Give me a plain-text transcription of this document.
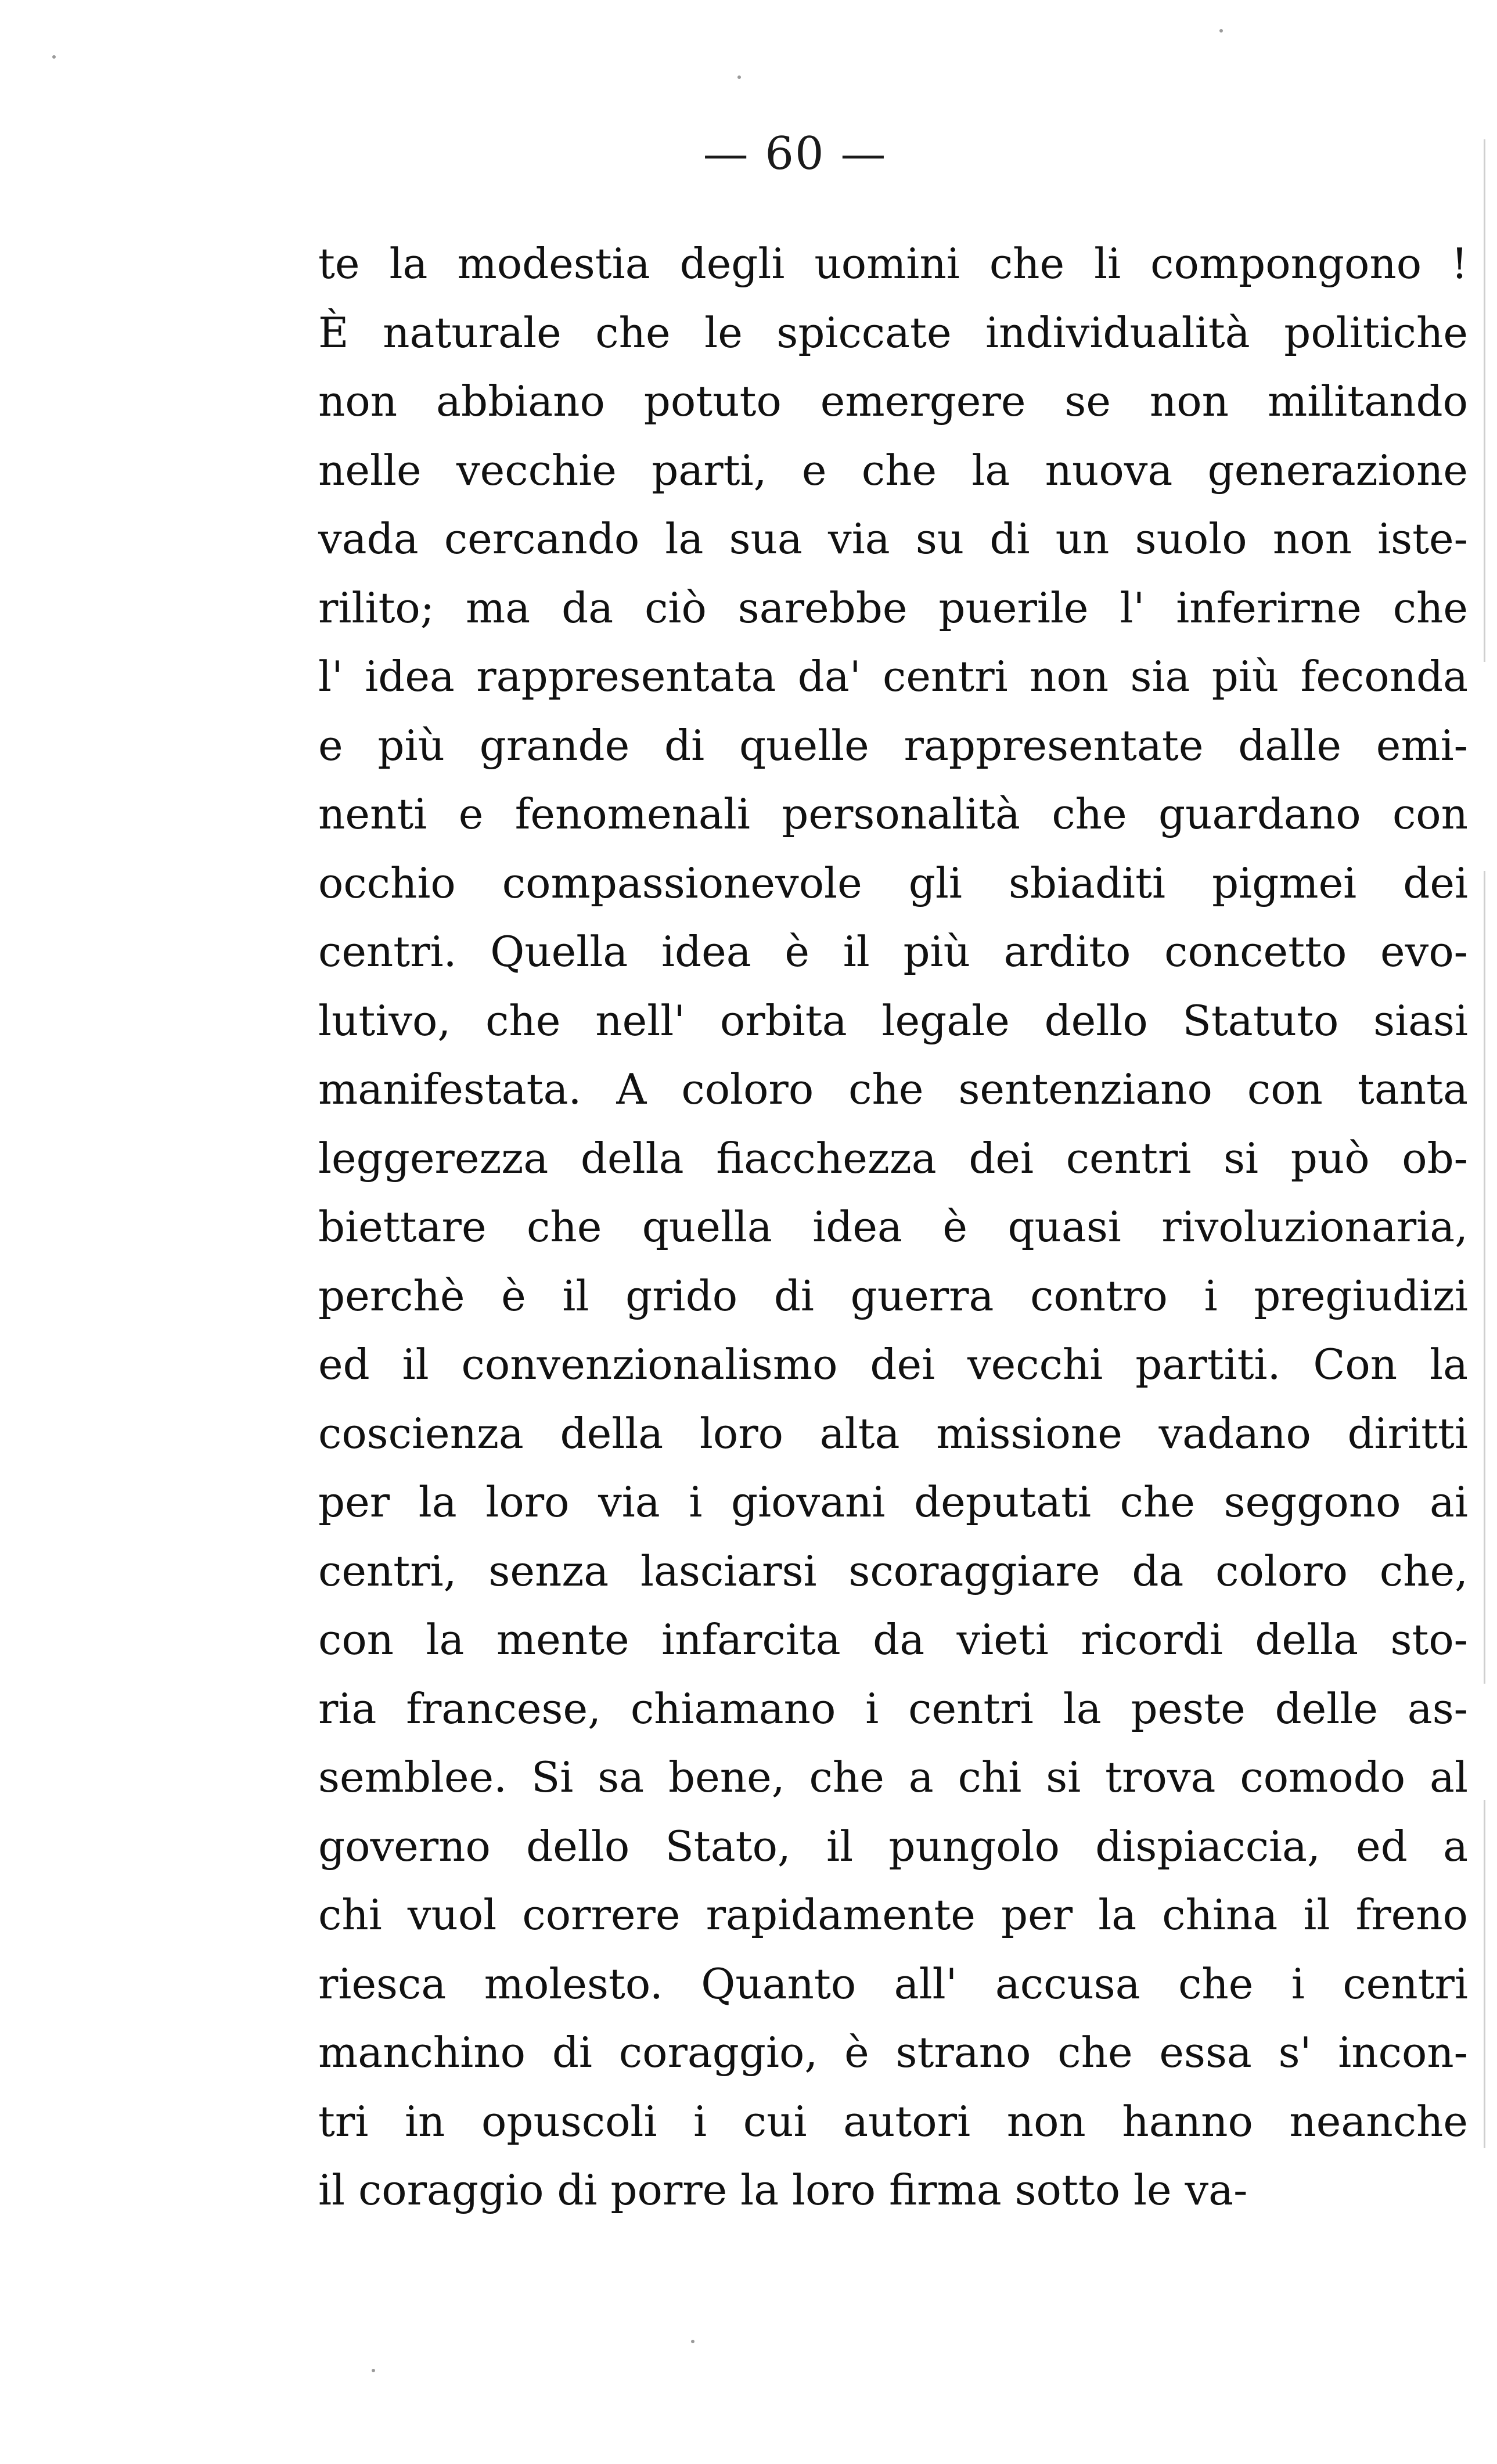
— 60 —
te la modestia degli uomini che li compongono !
È naturale che le spiccate individualità politiche
non abbiano potuto emergere se non militando
nelle vecchie parti, e che la nuova generazione
vada cercando la sua via su di un suolo non iste-
rilito; ma da ciò sarebbe puerile l' inferirne che
l' idea rappresentata da' centri non sia più feconda
e più grande di quelle rappresentate dalle emi-
nenti e fenomenali personalità che guardano con
occhio compassionevole gli sbiaditi pigmei dei
centri. Quella idea è il più ardito concetto evo-
lutivo, che nell' orbita legale dello Statuto siasi
manifestata. A coloro che sentenziano con tanta
leggerezza della fiacchezza dei centri si può ob-
biettare che quella idea è quasi rivoluzionaria,
perchè è il grido di guerra contro i pregiudizi
ed il convenzionalismo dei vecchi partiti. Con la
coscienza della loro alta missione vadano diritti
per la loro via i giovani deputati che seggono ai
centri, senza lasciarsi scoraggiare da coloro che,
con la mente infarcita da vieti ricordi della sto-
ria francese, chiamano i centri la peste delle as-
semblee. Si sa bene, che a chi si trova comodo al
governo dello Stato, il pungolo dispiaccia, ed a
chi vuol correre rapidamente per la china il freno
riesca molesto. Quanto all' accusa che i centri
manchino di coraggio, è strano che essa s' incon-
tri in opuscoli i cui autori non hanno neanche
il coraggio di porre la loro firma sotto le va-
